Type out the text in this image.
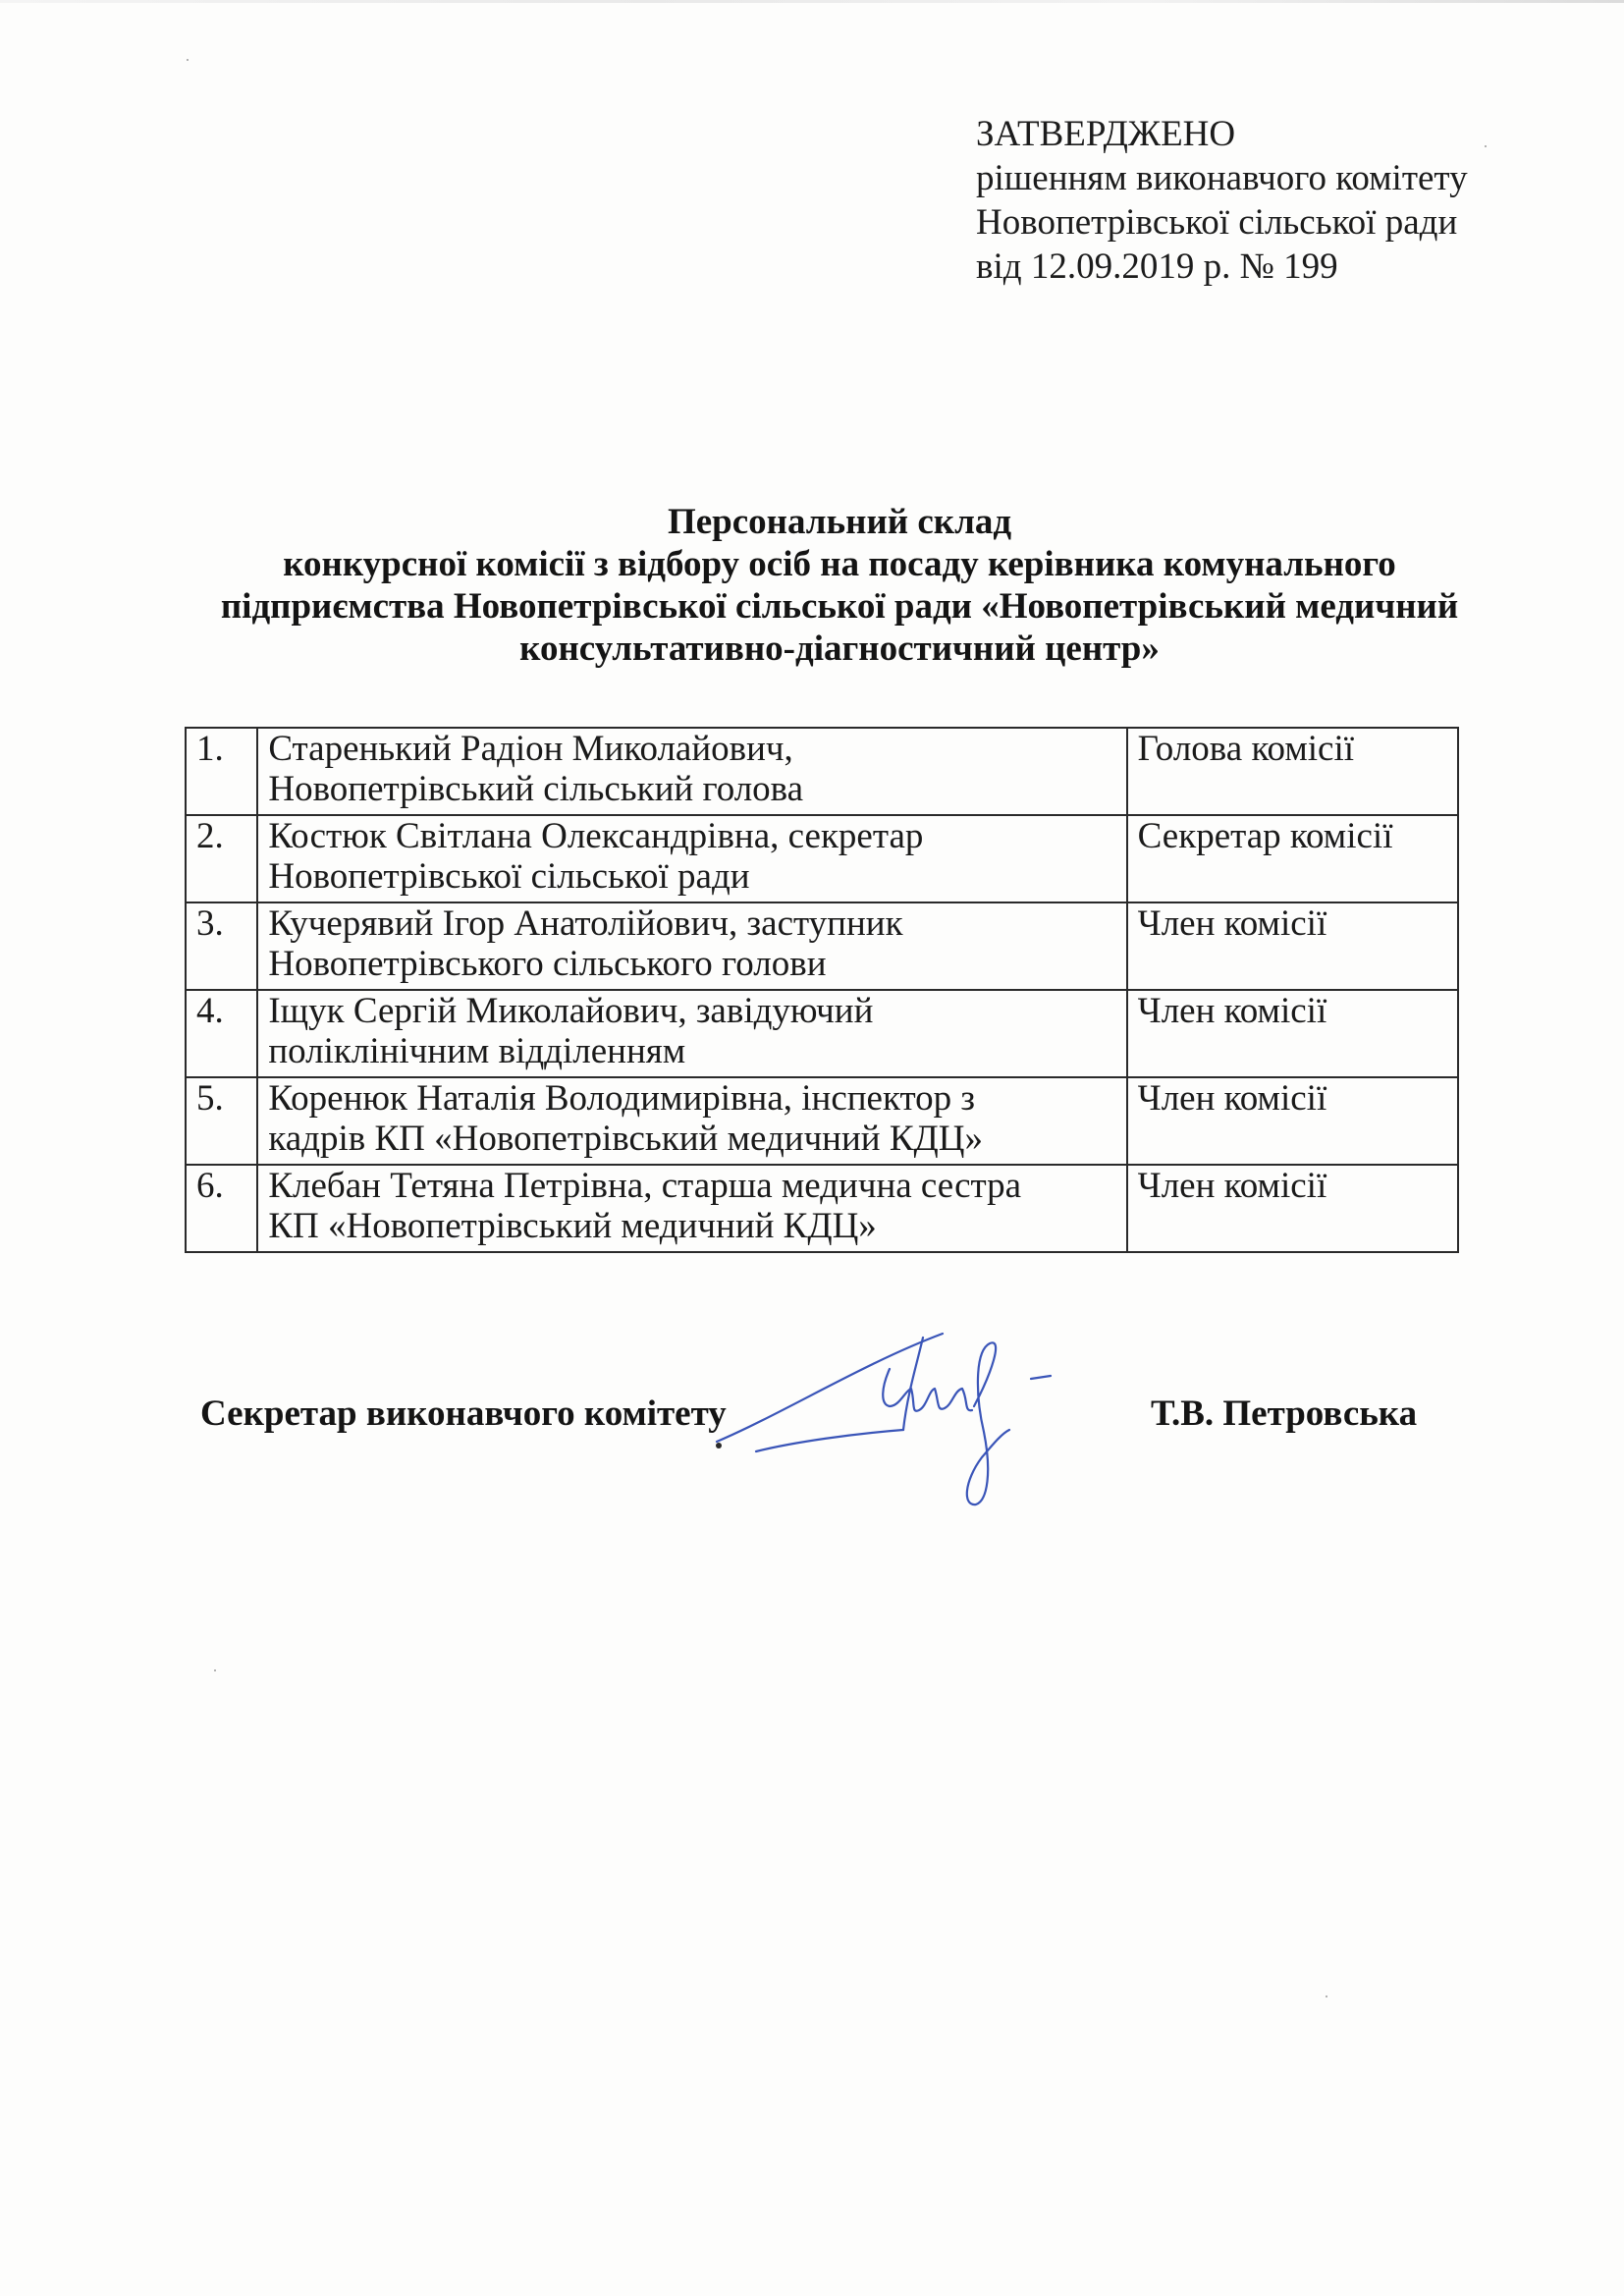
ЗАТВЕРДЖЕНО
рішенням виконавчого комітету
Новопетрівської сільської ради
від 12.09.2019 р. № 199
Персональний склад
конкурсної комісії з відбору осіб на посаду керівника комунального
підприємства Новопетрівської сільської ради «Новопетрівський медичний
консультативно-діагностичний центр»
1.	Старенький Радіон Миколайович,
Новопетрівський сільський голова	Голова комісії
2.	Костюк Світлана Олександрівна, секретар
Новопетрівської сільської ради	Секретар комісії
3.	Кучерявий Ігор Анатолійович, заступник
Новопетрівського сільського голови	Член комісії
4.	Іщук Сергій Миколайович, завідуючий
поліклінічним відділенням	Член комісії
5.	Коренюк Наталія Володимирівна, інспектор з
кадрів КП «Новопетрівський медичний КДЦ»	Член комісії
6.	Клебан Тетяна Петрівна, старша медична сестра
КП «Новопетрівський медичний КДЦ»	Член комісії
Секретар виконавчого комітету	Т.В. Петровська
